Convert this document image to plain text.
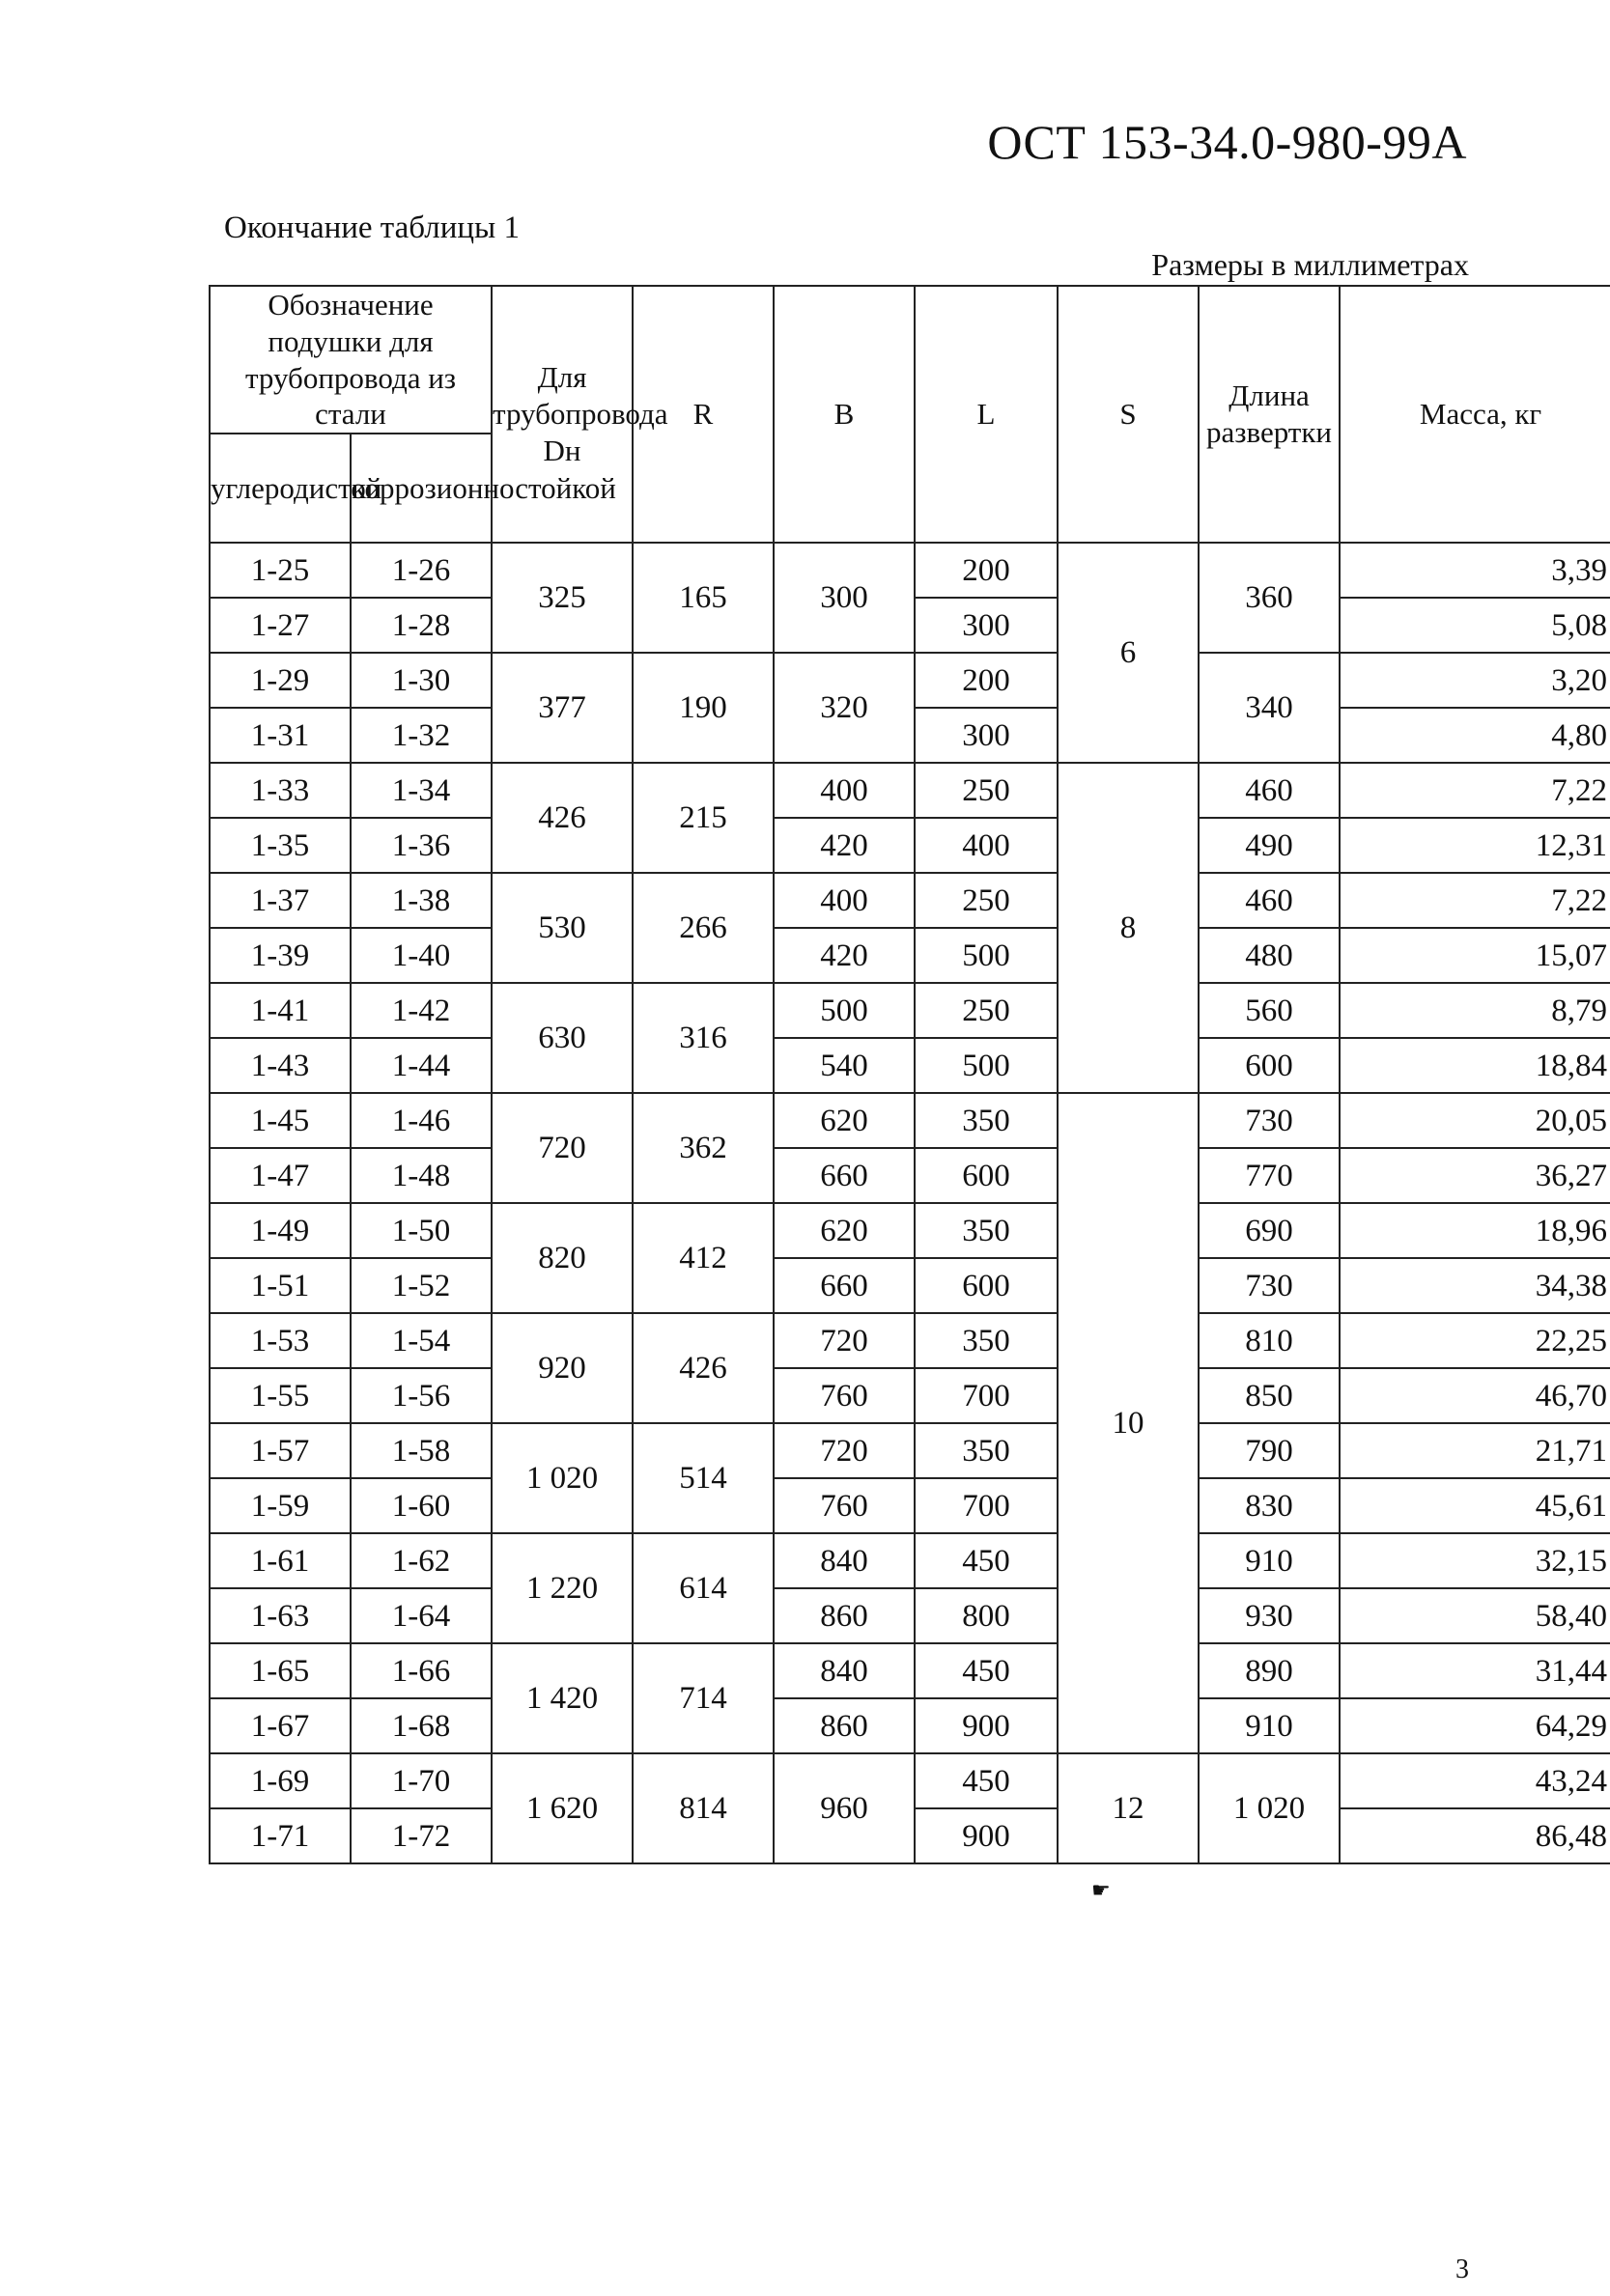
ОСТ 153-34.0-980-99А
Окончание таблицы 1
Размеры в миллиметрах
Обозначение подушки для трубопровода из стали		Для трубопровода Dн	R	B	L	S	Длина развертки	Масса, кг
углеродистой	коррозионностойкой							
1-25	1-26	325	165	300	200	6	360	3,39
1-27	1-28				300			5,08
1-29	1-30	377	190	320	200		340	3,20
1-31	1-32				300			4,80
1-33	1-34	426	215	400	250	8	460	7,22
1-35	1-36			420	400		490	12,31
1-37	1-38	530	266	400	250		460	7,22
1-39	1-40			420	500		480	15,07
1-41	1-42	630	316	500	250		560	8,79
1-43	1-44			540	500		600	18,84
1-45	1-46	720	362	620	350	10	730	20,05
1-47	1-48			660	600		770	36,27
1-49	1-50	820	412	620	350		690	18,96
1-51	1-52			660	600		730	34,38
1-53	1-54	920	426	720	350		810	22,25
1-55	1-56			760	700		850	46,70
1-57	1-58	1 020	514	720	350		790	21,71
1-59	1-60			760	700		830	45,61
1-61	1-62	1 220	614	840	450		910	32,15
1-63	1-64			860	800		930	58,40
1-65	1-66	1 420	714	840	450		890	31,44
1-67	1-68			860	900		910	64,29
1-69	1-70	1 620	814	960	450	12	1 020	43,24
1-71	1-72				900			86,48
☛
3
